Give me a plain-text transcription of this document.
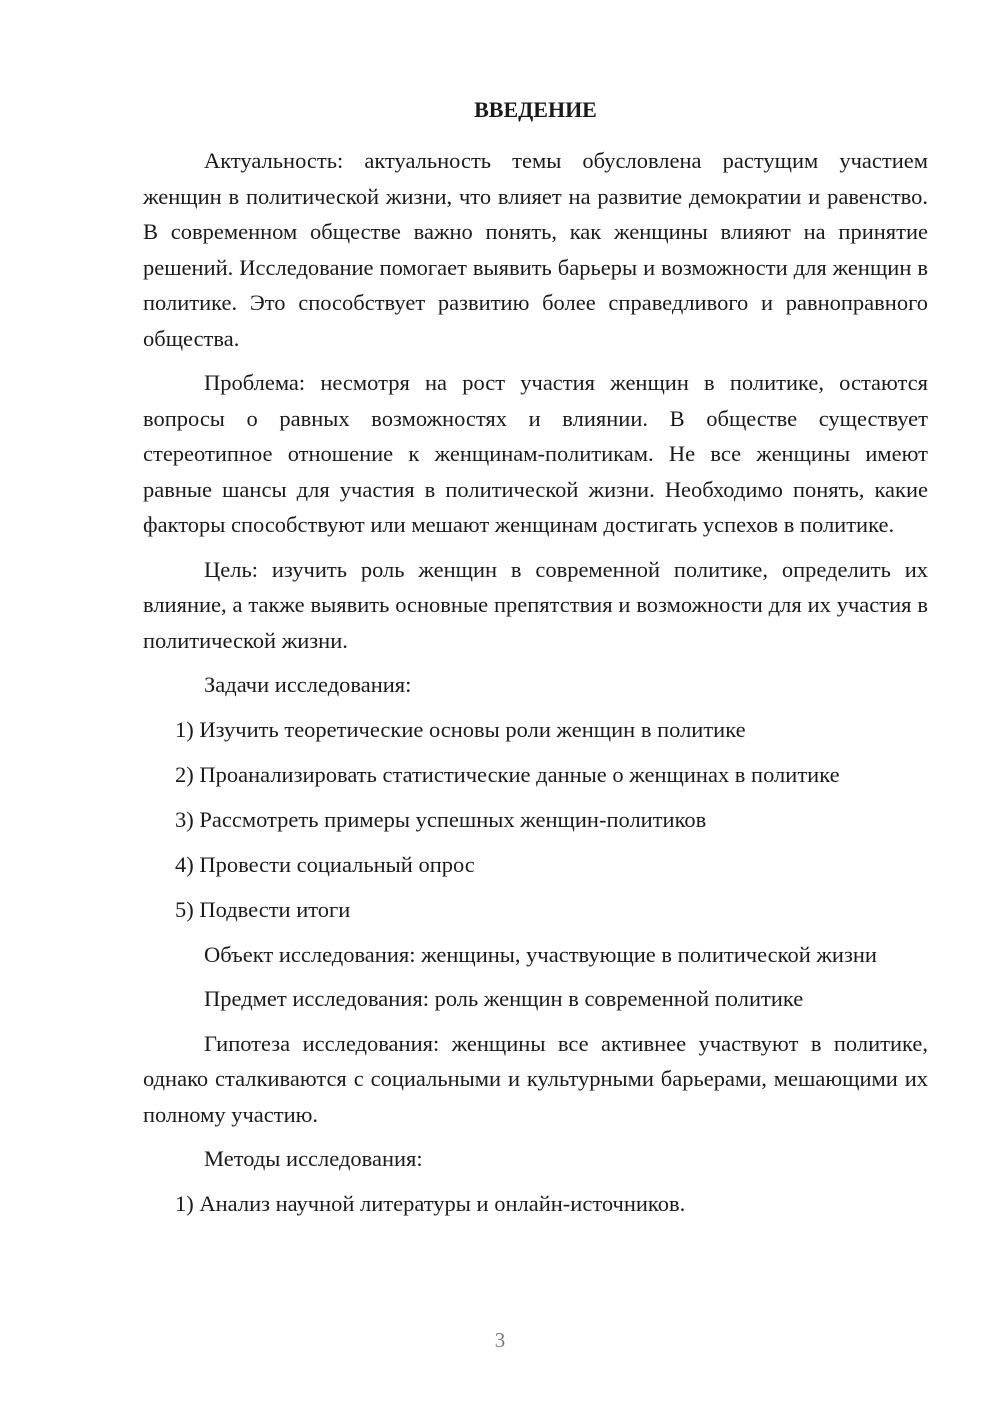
ВВЕДЕНИЕ
Актуальность: актуальность темы обусловлена растущим участием женщин в политической жизни, что влияет на развитие демократии и равенство. В современном обществе важно понять, как женщины влияют на принятие решений. Исследование помогает выявить барьеры и возможности для женщин в политике. Это способствует развитию более справедливого и равноправного общества.
Проблема: несмотря на рост участия женщин в политике, остаются вопросы о равных возможностях и влиянии. В обществе существует стереотипное отношение к женщинам-политикам. Не все женщины имеют равные шансы для участия в политической жизни. Необходимо понять, какие факторы способствуют или мешают женщинам достигать успехов в политике.
Цель: изучить роль женщин в современной политике, определить их влияние, а также выявить основные препятствия и возможности для их участия в политической жизни.
Задачи исследования:
1) Изучить теоретические основы роли женщин в политике
2) Проанализировать статистические данные о женщинах в политике
3) Рассмотреть примеры успешных женщин-политиков
4) Провести социальный опрос
5) Подвести итоги
Объект исследования: женщины, участвующие в политической жизни
Предмет исследования: роль женщин в современной политике
Гипотеза исследования: женщины все активнее участвуют в политике, однако сталкиваются с социальными и культурными барьерами, мешающими их полному участию.
Методы исследования:
1) Анализ научной литературы и онлайн-источников.
3
